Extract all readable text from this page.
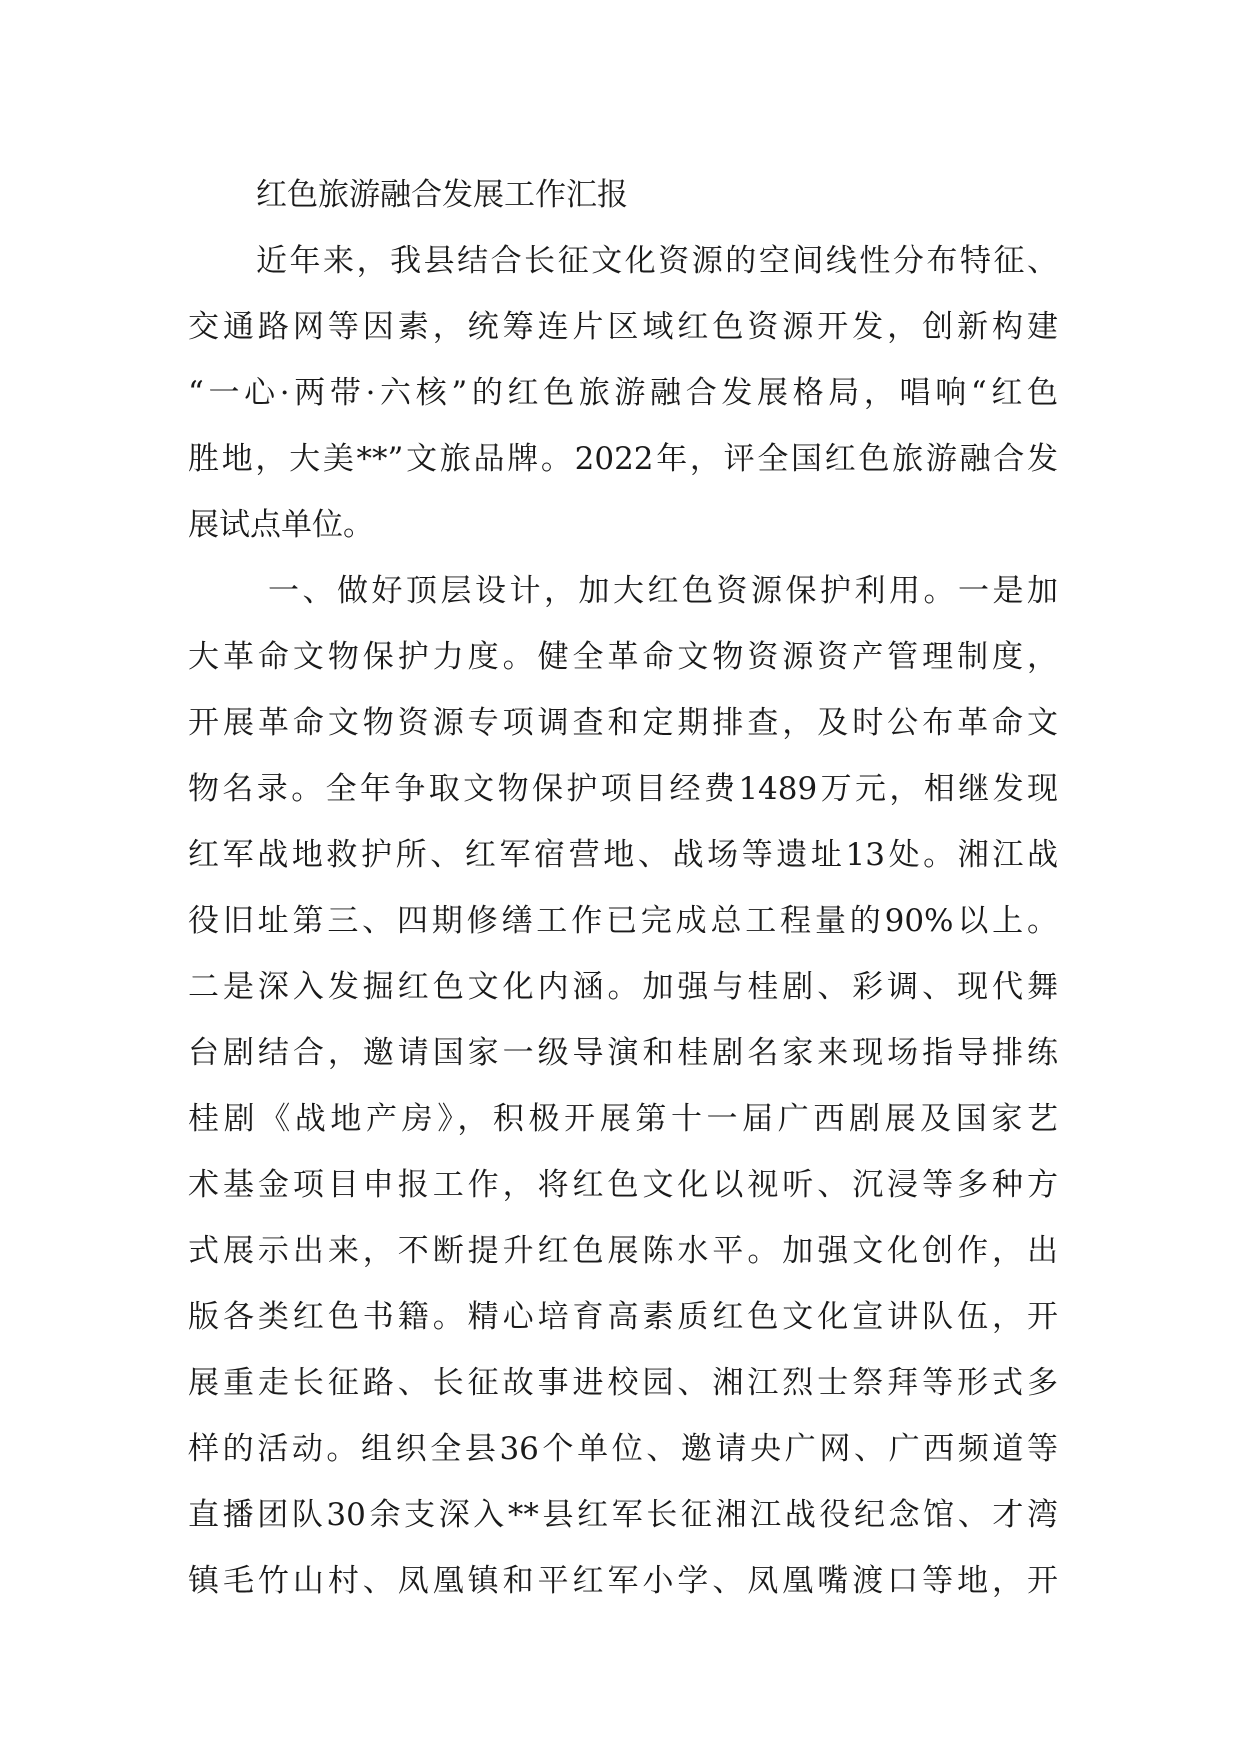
红色旅游融合发展工作汇报
近年来，我县结合长征文化资源的空间线性分布特征、
交通路网等因素，统筹连片区域红色资源开发，创新构建
“一心·两带·六核”的红色旅游融合发展格局，唱响“红色
胜地，大美**”文旅品牌。2022年，评全国红色旅游融合发
展试点单位。
一、做好顶层设计，加大红色资源保护利用。一是加
大革命文物保护力度。健全革命文物资源资产管理制度，
开展革命文物资源专项调查和定期排查，及时公布革命文
物名录。全年争取文物保护项目经费1489万元，相继发现
红军战地救护所、红军宿营地、战场等遗址13处。湘江战
役旧址第三、四期修缮工作已完成总工程量的90%以上。
二是深入发掘红色文化内涵。加强与桂剧、彩调、现代舞
台剧结合，邀请国家一级导演和桂剧名家来现场指导排练
桂剧《战地产房》，积极开展第十一届广西剧展及国家艺
术基金项目申报工作，将红色文化以视听、沉浸等多种方
式展示出来，不断提升红色展陈水平。加强文化创作，出
版各类红色书籍。精心培育高素质红色文化宣讲队伍，开
展重走长征路、长征故事进校园、湘江烈士祭拜等形式多
样的活动。组织全县36个单位、邀请央广网、广西频道等
直播团队30余支深入**县红军长征湘江战役纪念馆、才湾
镇毛竹山村、凤凰镇和平红军小学、凤凰嘴渡口等地，开
